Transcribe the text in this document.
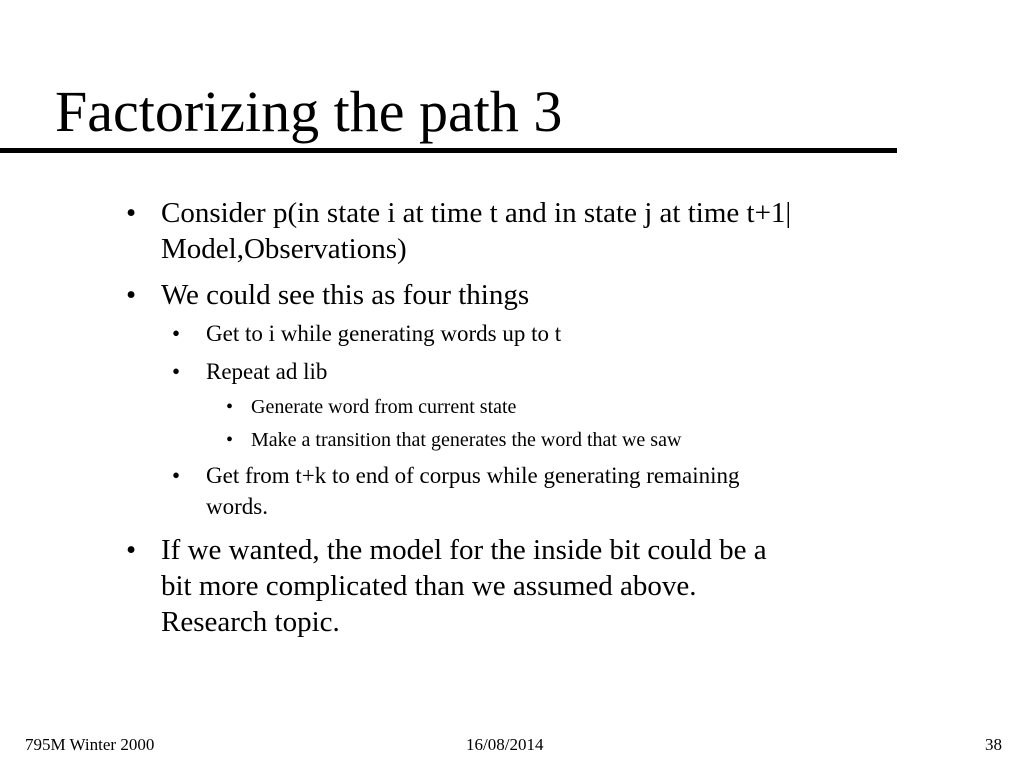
Factorizing the path 3
• Consider p(in state i at time t and in state j at time t+1|
Model,Observations)
• We could see this as four things
• Get to i while generating words up to t
• Repeat ad lib
• Generate word from current state
• Make a transition that generates the word that we saw
• Get from t+k to end of corpus while generating remaining
words.
• If we wanted, the model for the inside bit could be a
bit more complicated than we assumed above.
Research topic.
795M Winter 2000	16/08/2014	38
